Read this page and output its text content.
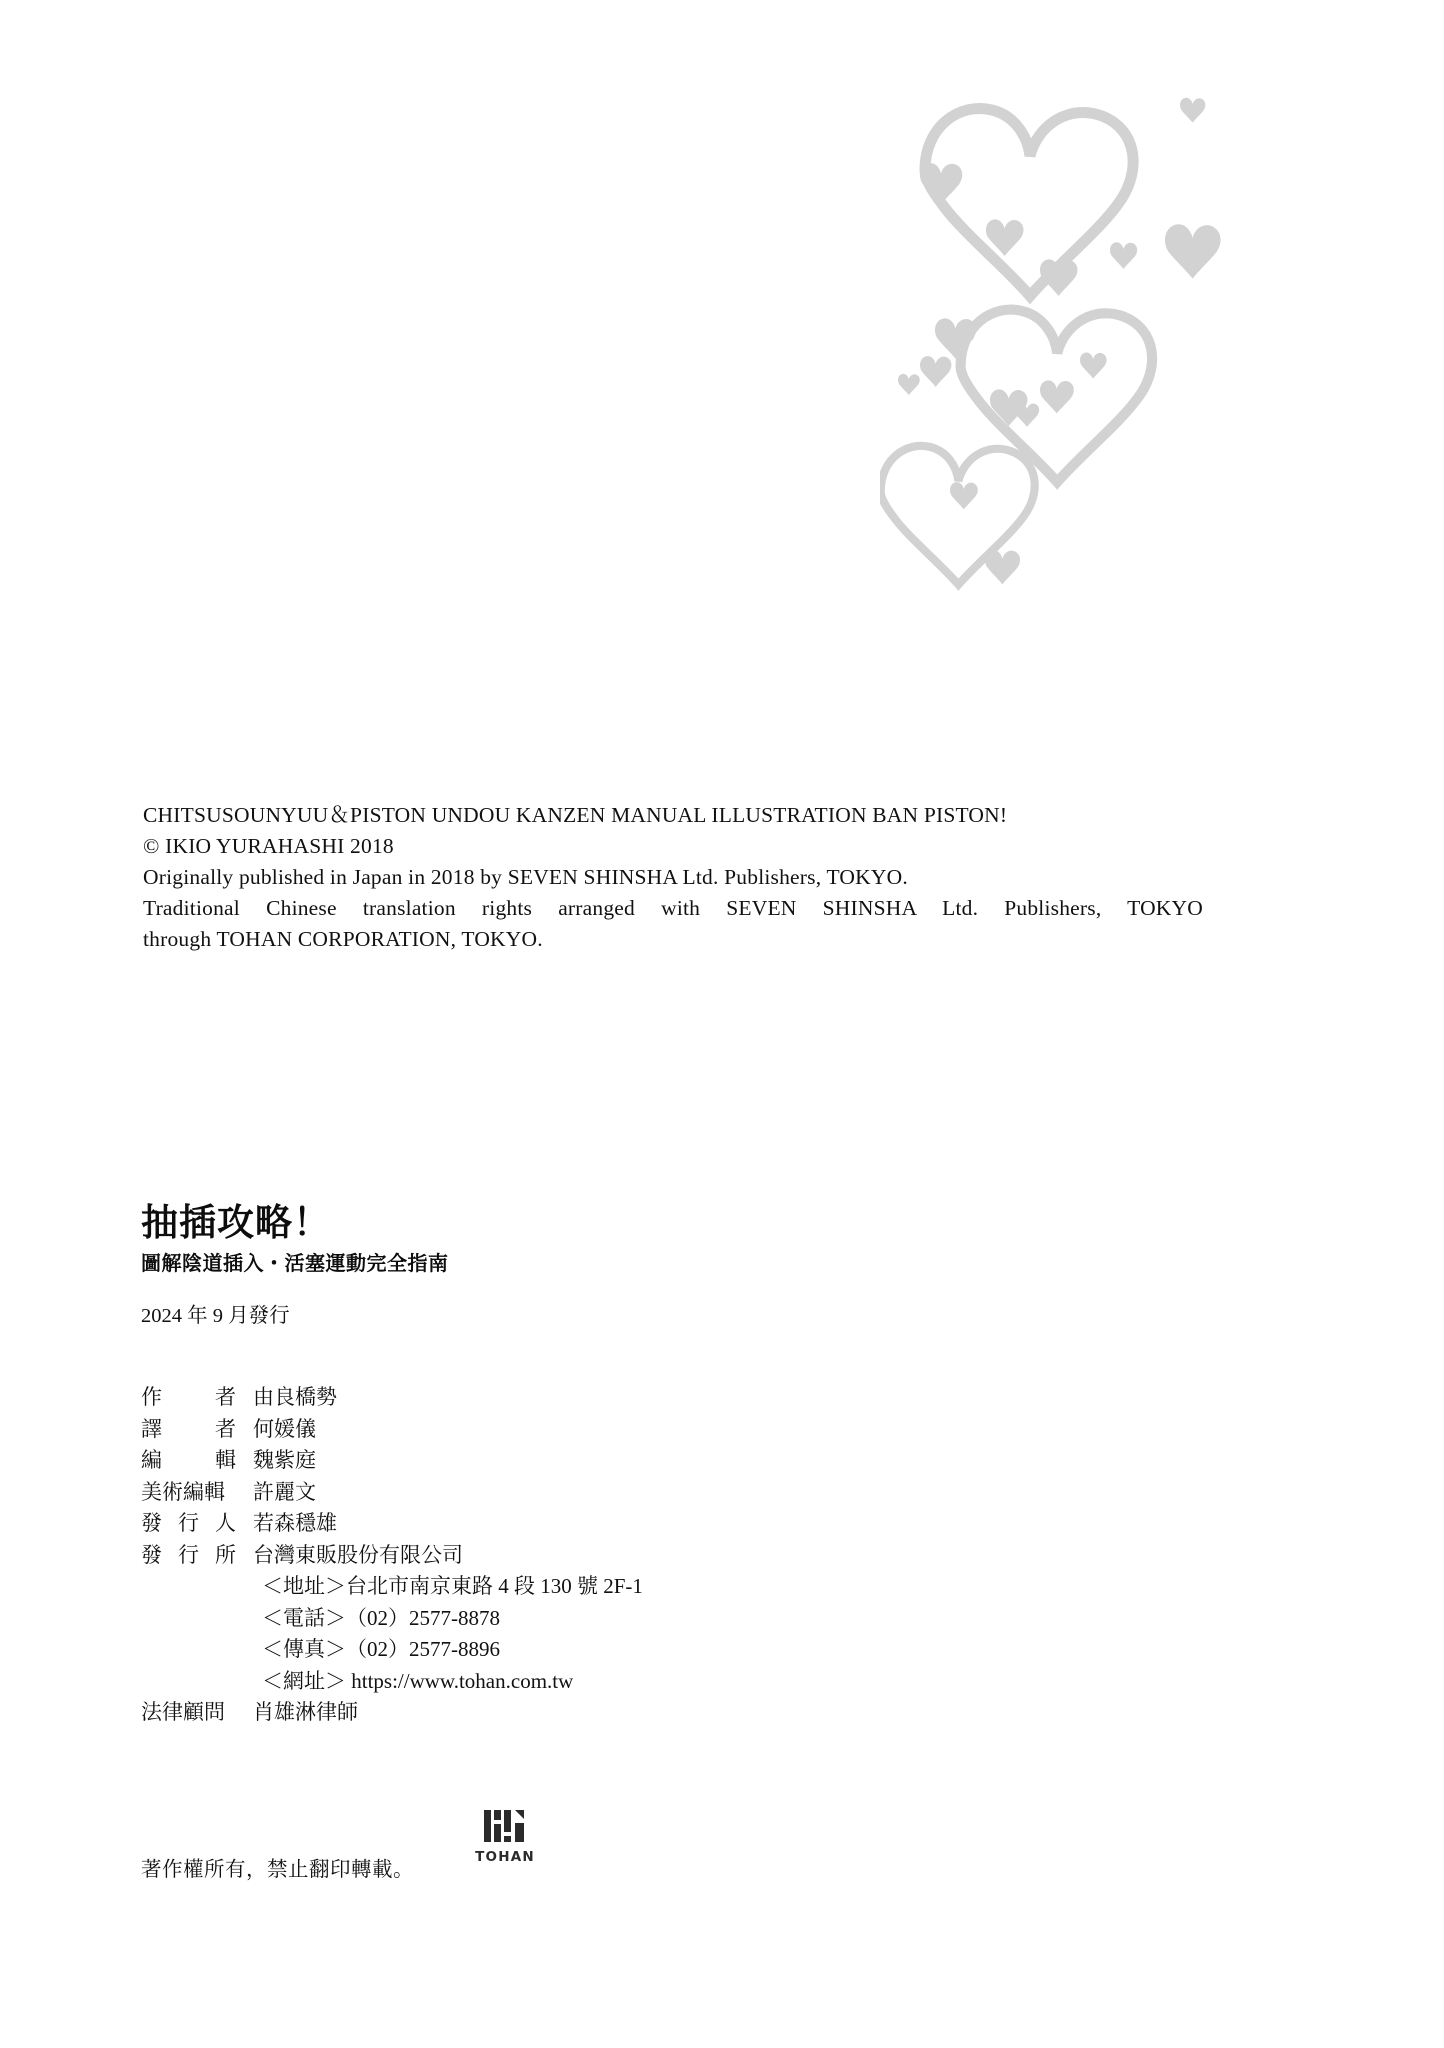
CHITSUSOUNYUU＆PISTON UNDOU KANZEN MANUAL ILLUSTRATION BAN PISTON!
© IKIO YURAHASHI 2018
Originally published in Japan in 2018 by SEVEN SHINSHA Ltd. Publishers, TOKYO.
Traditional Chinese translation rights arranged with SEVEN SHINSHA Ltd. Publishers, TOKYO
through TOHAN CORPORATION, TOKYO.
抽插攻略！
圖解陰道插入・活塞運動完全指南
2024 年 9 月發行
作	者 由良橋勢
譯	者 何媛儀
編	輯 魏紫庭
美術編輯	許麗文
發 行 人 若森穩雄
發 行 所 台灣東販股份有限公司
＜地址＞台北市南京東路 4 段 130 號 2F-1
＜電話＞（02）2577-8878
＜傳真＞（02）2577-8896
＜網址＞ https://www.tohan.com.tw
法律顧問	肖雄淋律師
著作權所有，禁止翻印轉載。
TOHAN
